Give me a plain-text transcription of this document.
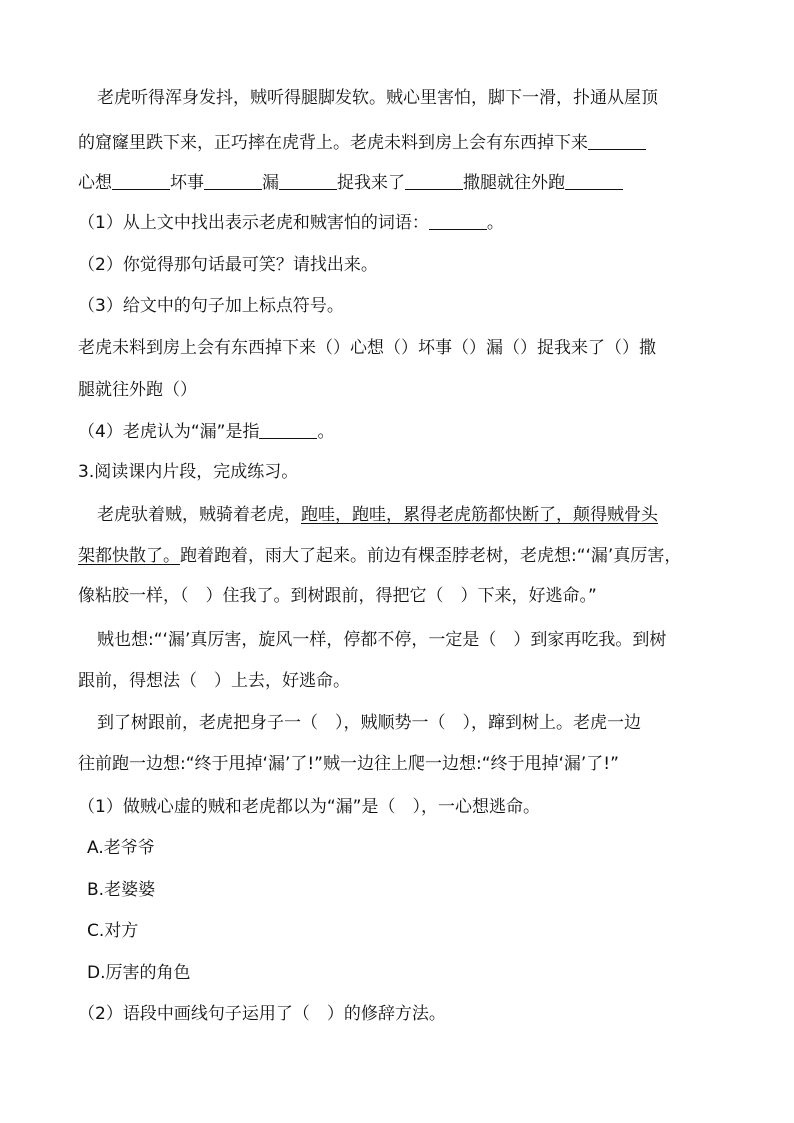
老虎听得浑身发抖，贼听得腿脚发软。贼心里害怕，脚下一滑，扑通从屋顶
的窟窿里跌下来，正巧摔在虎背上。老虎未料到房上会有东西掉下来
心想	坏事	漏	捉我来了	撒腿就往外跑
（1）从上文中找出表示老虎和贼害怕的词语：	。
（2）你觉得那句话最可笑？请找出来。
（3）给文中的句子加上标点符号。
老虎未料到房上会有东西掉下来（）心想（）坏事（）漏（）捉我来了（）撒
腿就往外跑（）
（4）老虎认为“漏”是指	。
3.阅读课内片段，完成练习。
老虎驮着贼，贼骑着老虎，跑哇，跑哇，累得老虎筋都快断了，颠得贼骨头
架都快散了。跑着跑着，雨大了起来。前边有棵歪脖老树，老虎想:“‘漏’真厉害，
像粘胶一样，（　）住我了。到树跟前，得把它（　）下来，好逃命。”
贼也想:“‘漏’真厉害，旋风一样，停都不停，一定是（　）到家再吃我。到树
跟前，得想法（　）上去，好逃命。
到了树跟前，老虎把身子一（　），贼顺势一（　），蹿到树上。老虎一边
往前跑一边想:“终于甩掉‘漏’了!”贼一边往上爬一边想:“终于甩掉‘漏’了!”
（1）做贼心虚的贼和老虎都以为“漏”是（　），一心想逃命。
A.老爷爷
B.老婆婆
C.对方
D.厉害的角色
（2）语段中画线句子运用了（　）的修辞方法。
